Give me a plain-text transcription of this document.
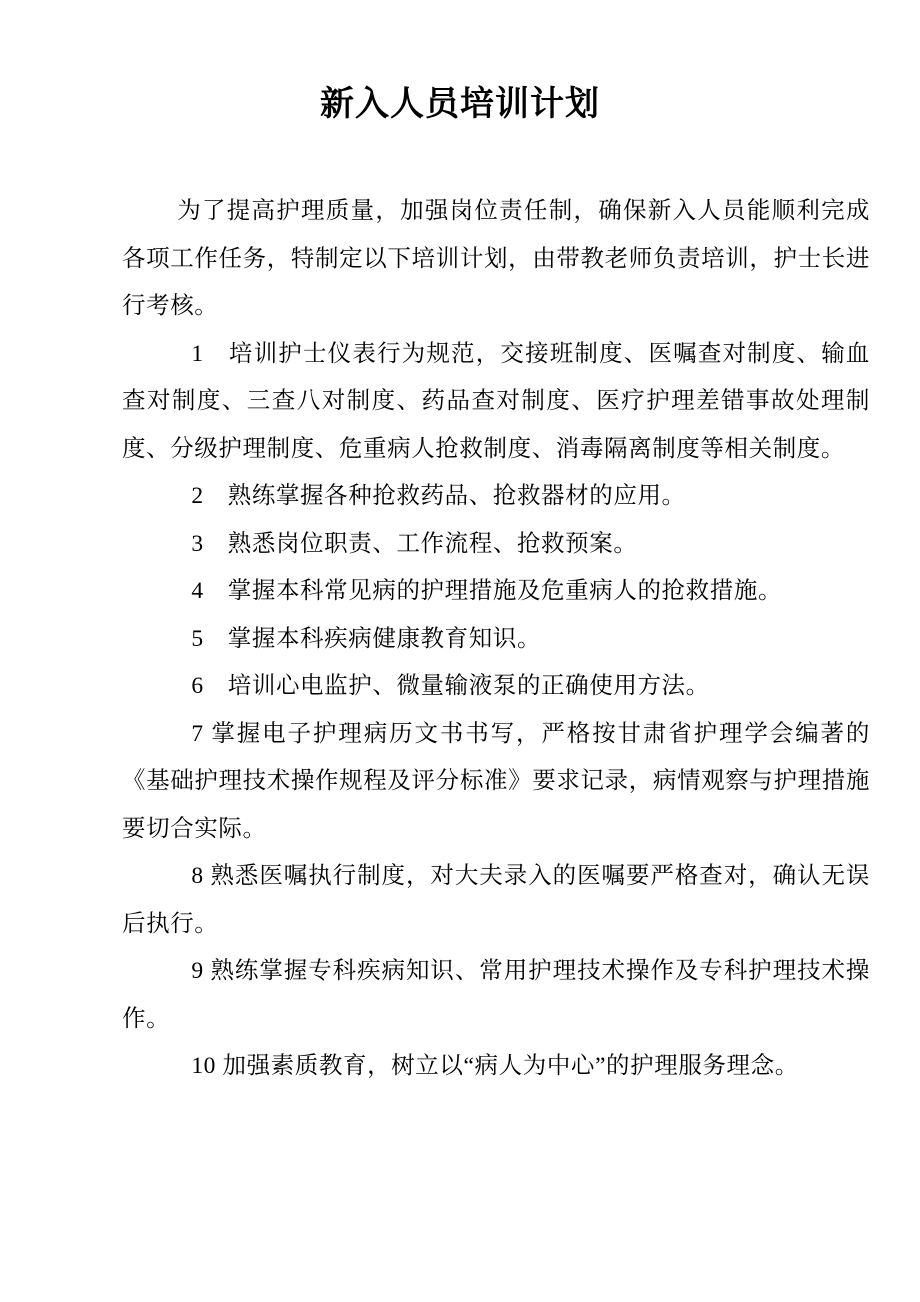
新入人员培训计划

为了提高护理质量，加强岗位责任制，确保新入人员能顺利完成各项工作任务，特制定以下培训计划，由带教老师负责培训，护士长进行考核。

1　培训护士仪表行为规范，交接班制度、医嘱查对制度、输血查对制度、三查八对制度、药品查对制度、医疗护理差错事故处理制度、分级护理制度、危重病人抢救制度、消毒隔离制度等相关制度。

2　熟练掌握各种抢救药品、抢救器材的应用。

3　熟悉岗位职责、工作流程、抢救预案。

4　掌握本科常见病的护理措施及危重病人的抢救措施。

5　掌握本科疾病健康教育知识。

6　培训心电监护、微量输液泵的正确使用方法。

7 掌握电子护理病历文书书写，严格按甘肃省护理学会编著的《基础护理技术操作规程及评分标准》要求记录，病情观察与护理措施要切合实际。

8 熟悉医嘱执行制度，对大夫录入的医嘱要严格查对，确认无误后执行。

9 熟练掌握专科疾病知识、常用护理技术操作及专科护理技术操作。

10 加强素质教育，树立以“病人为中心”的护理服务理念。
